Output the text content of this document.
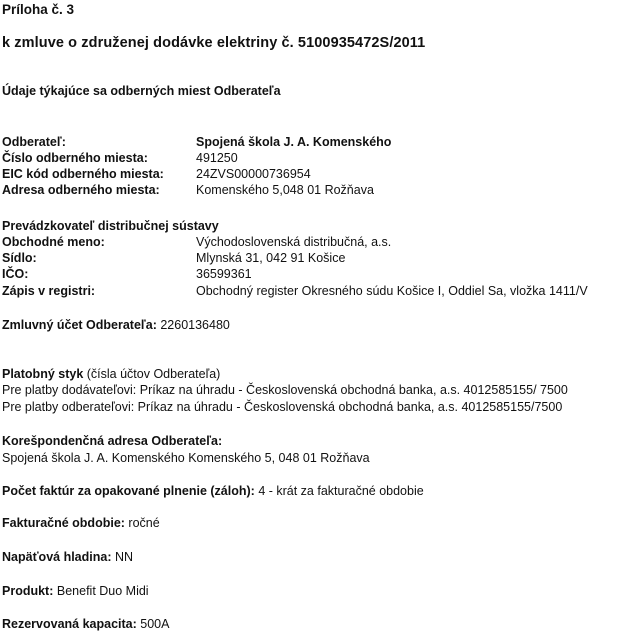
Príloha č. 3
k zmluve o združenej dodávke elektriny č. 5100935472S/2011
Údaje týkajúce sa odberných miest Odberateľa
Odberateľ:	Spojená škola J. A. Komenského
Číslo odberného miesta:	491250
EIC kód odberného miesta:	24ZVS00000736954
Adresa odberného miesta:	Komenského 5,048 01 Rožňava
Prevádzkovateľ distribučnej sústavy
Obchodné meno:	Východoslovenská distribučná, a.s.
Sídlo:	Mlynská 31, 042 91 Košice
IČO:	36599361
Zápis v registri:	Obchodný register Okresného súdu Košice I, Oddiel Sa, vložka 1411/V
Zmluvný účet Odberateľa: 2260136480
Platobný styk (čísla účtov Odberateľa)
Pre platby dodávateľovi: Príkaz na úhradu - Československá obchodná banka, a.s. 4012585155/ 7500
Pre platby odberateľovi: Príkaz na úhradu - Československá obchodná banka, a.s. 4012585155/7500
Korešpondenčná adresa Odberateľa:
Spojená škola J. A. Komenského Komenského 5, 048 01 Rožňava
Počet faktúr za opakované plnenie (záloh): 4 - krát za fakturačné obdobie
Fakturačné obdobie: ročné
Napäťová hladina: NN
Produkt: Benefit Duo Midi
Rezervovaná kapacita: 500A
